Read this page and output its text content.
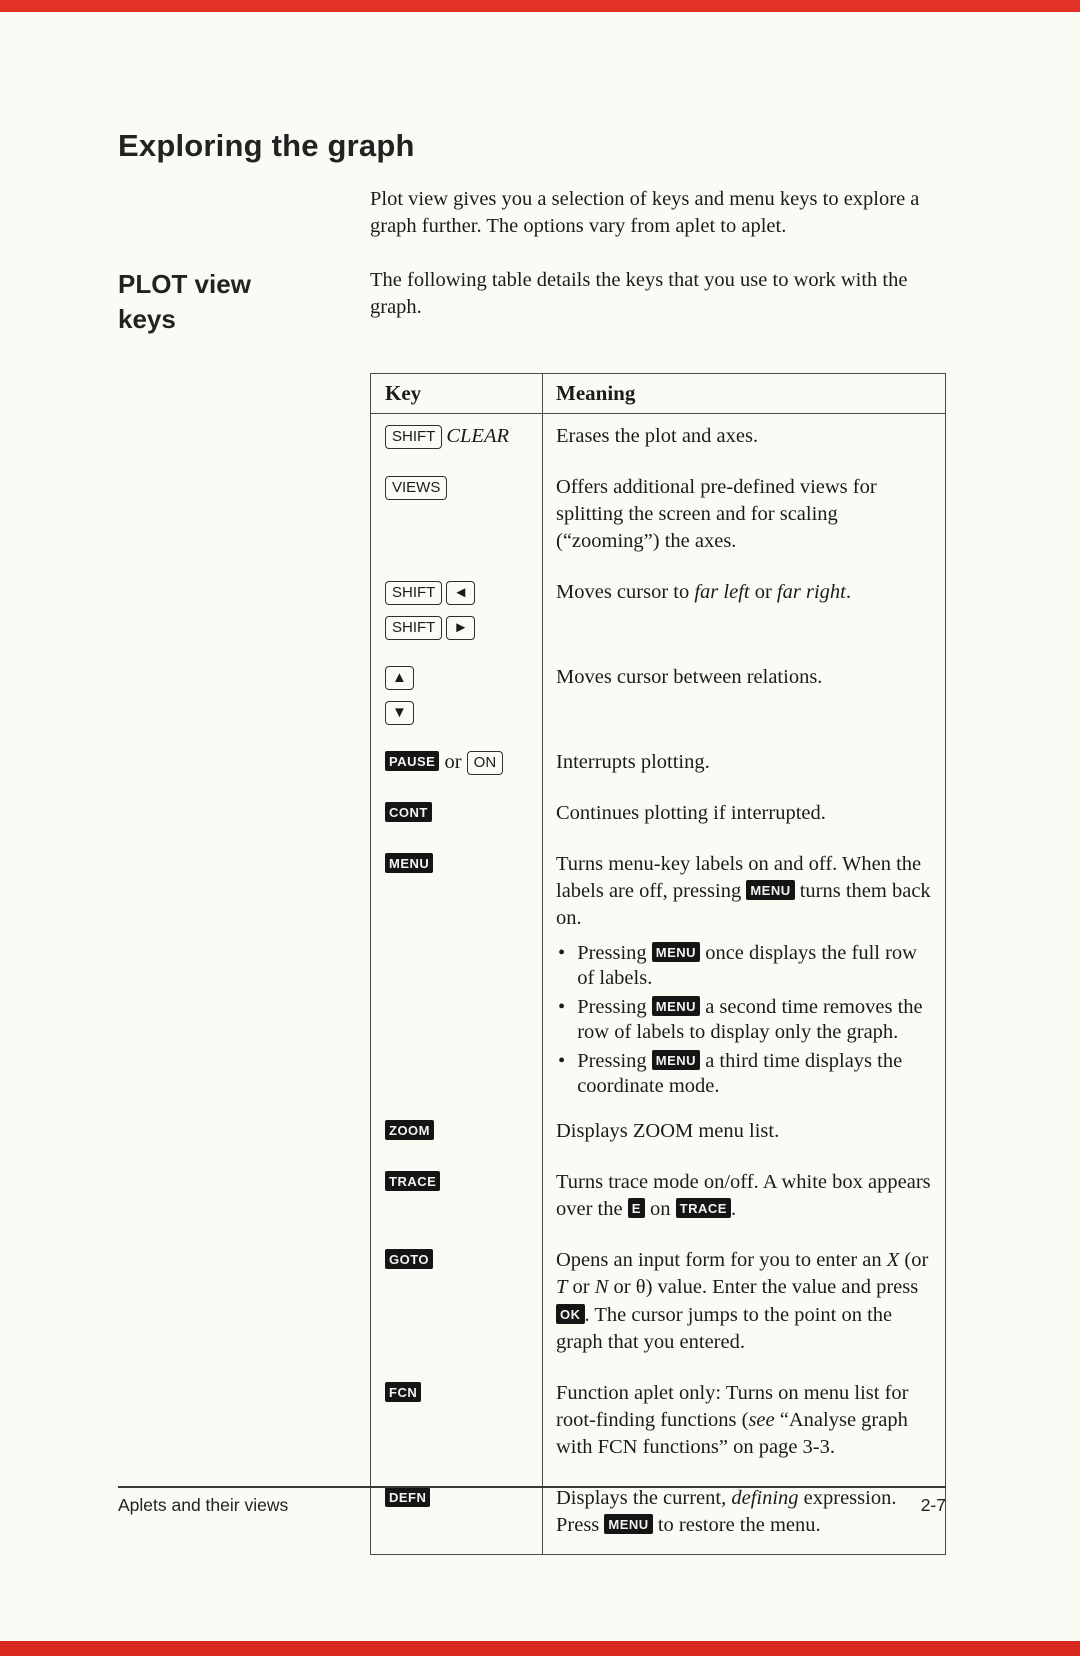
Exploring the graph
Plot view gives you a selection of keys and menu keys to explore a graph further. The options vary from aplet to aplet.
PLOT view
keys
The following table details the keys that you use to work with the graph.
Key	Meaning

SHIFT CLEAR	Erases the plot and axes.

VIEWS	Offers additional pre-defined views for splitting the screen and for scaling (“zooming”) the axes.

SHIFT ◄
SHIFT ►	Moves cursor to far left or far right.

▲
▼	Moves cursor between relations.

PAUSE or ON	Interrupts plotting.

CONT	Continues plotting if interrupted.

MENU	Turns menu-key labels on and off. When the labels are off, pressing MENU turns them back on.

• Pressing MENU once displays the full row of labels.
• Pressing MENU a second time removes the row of labels to display only the graph.
• Pressing MENU a third time displays the coordinate mode.

ZOOM	Displays ZOOM menu list.

TRACE	Turns trace mode on/off. A white box appears over the E on TRACE .

GOTO	Opens an input form for you to enter an X (or T or N or θ) value. Enter the value and press OK . The cursor jumps to the point on the graph that you entered.

FCN	Function aplet only: Turns on menu list for root-finding functions (see “Analyse graph with FCN functions” on page 3-3.

DEFN	Displays the current, defining expression. Press MENU to restore the menu.

Aplets and their views	2-7
